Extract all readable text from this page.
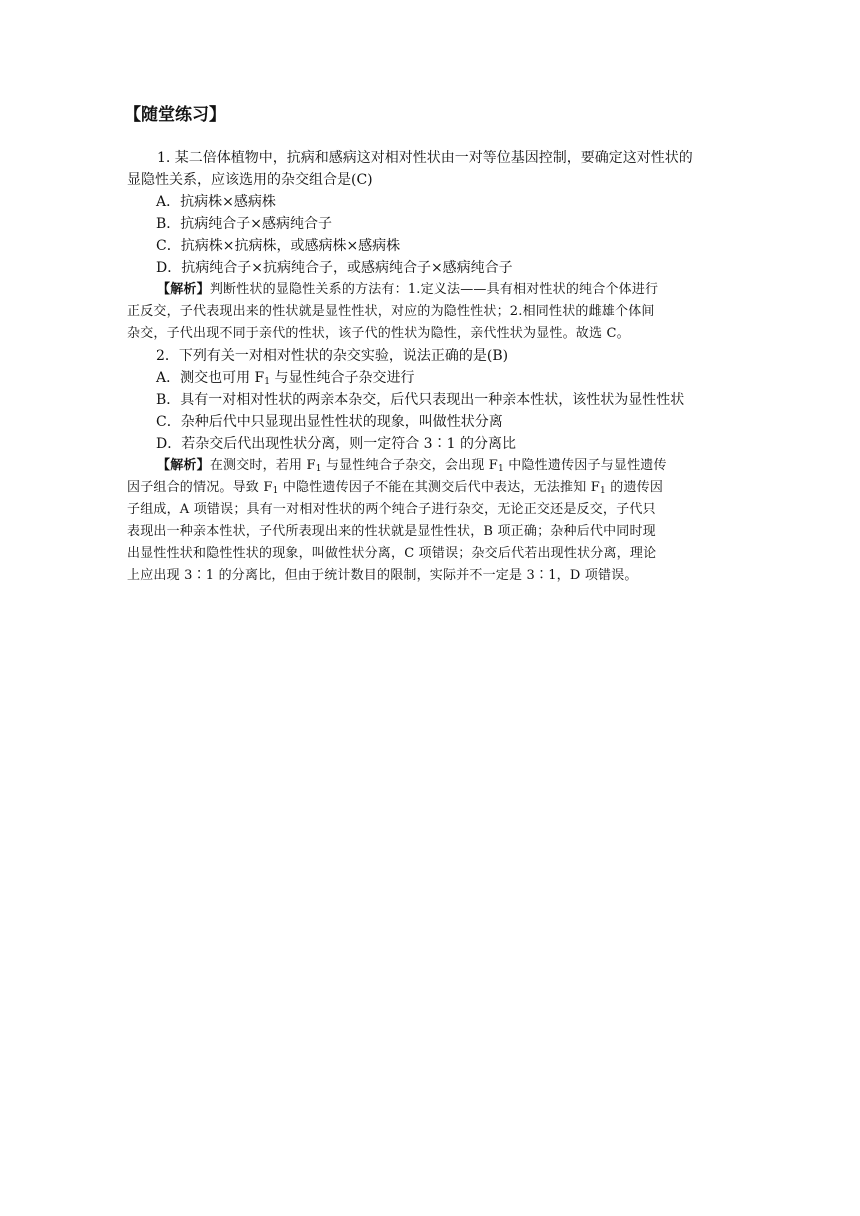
【随堂练习】
1. 某二倍体植物中，抗病和感病这对相对性状由一对等位基因控制，要确定这对性状的
显隐性关系，应该选用的杂交组合是(C)
A．抗病株×感病株
B．抗病纯合子×感病纯合子
C．抗病株×抗病株，或感病株×感病株
D．抗病纯合子×抗病纯合子，或感病纯合子×感病纯合子
【解析】判断性状的显隐性关系的方法有：1.定义法——具有相对性状的纯合个体进行
正反交，子代表现出来的性状就是显性性状，对应的为隐性性状；2.相同性状的雌雄个体间
杂交，子代出现不同于亲代的性状，该子代的性状为隐性，亲代性状为显性。故选 C。
2．下列有关一对相对性状的杂交实验，说法正确的是(B)
A．测交也可用 $F_1$ 与显性纯合子杂交进行
B．具有一对相对性状的两亲本杂交，后代只表现出一种亲本性状，该性状为显性性状
C．杂种后代中只显现出显性性状的现象，叫做性状分离
D．若杂交后代出现性状分离，则一定符合 3∶1 的分离比
【解析】在测交时，若用 $F_1$ 与显性纯合子杂交，会出现 $F_1$ 中隐性遗传因子与显性遗传
因子组合的情况。导致 $F_1$ 中隐性遗传因子不能在其测交后代中表达，无法推知 $F_1$ 的遗传因
子组成，A 项错误；具有一对相对性状的两个纯合子进行杂交，无论正交还是反交，子代只
表现出一种亲本性状，子代所表现出来的性状就是显性性状，B 项正确；杂种后代中同时现
出显性性状和隐性性状的现象，叫做性状分离，C 项错误；杂交后代若出现性状分离，理论
上应出现 3∶1 的分离比，但由于统计数目的限制，实际并不一定是 3∶1，D 项错误。
